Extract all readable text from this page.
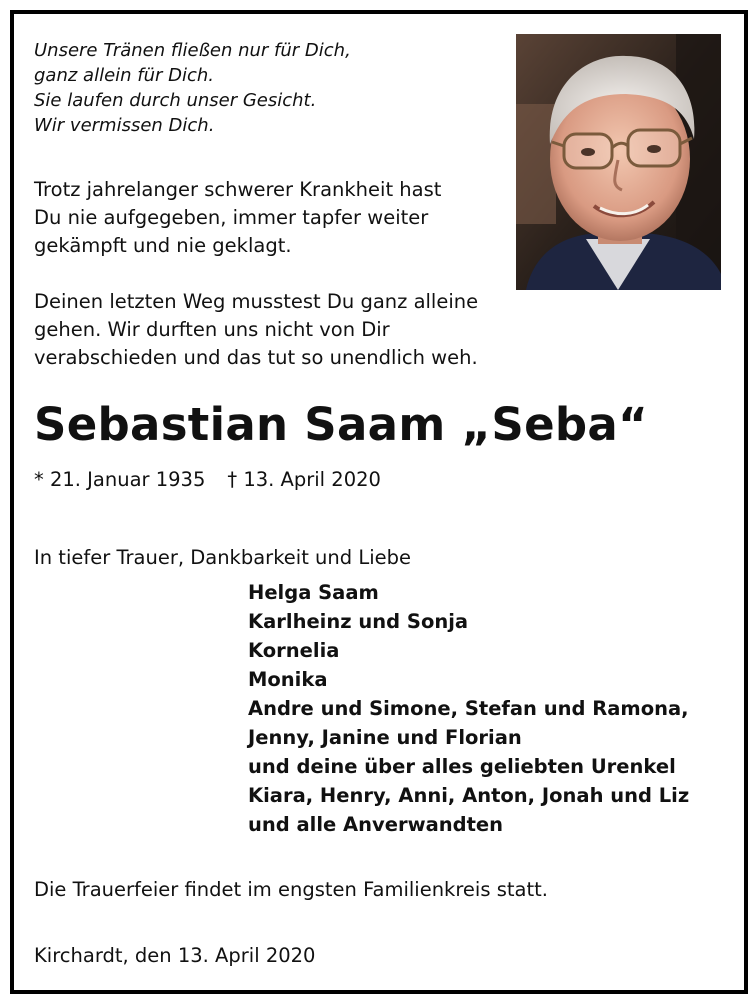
Unsere Tränen fließen nur für Dich,
ganz allein für Dich.
Sie laufen durch unser Gesicht.
Wir vermissen Dich.
Trotz jahrelanger schwerer Krankheit hast
Du nie aufgegeben, immer tapfer weiter
gekämpft und nie geklagt.
Deinen letzten Weg musstest Du ganz alleine
gehen. Wir durften uns nicht von Dir
verabschieden und das tut so unendlich weh.
Sebastian Saam „Seba“
* 21. Januar 1935 † 13. April 2020
In tiefer Trauer, Dankbarkeit und Liebe
Helga Saam
Karlheinz und Sonja
Kornelia
Monika
Andre und Simone, Stefan und Ramona,
Jenny, Janine und Florian
und deine über alles geliebten Urenkel
Kiara, Henry, Anni, Anton, Jonah und Liz
und alle Anverwandten
Die Trauerfeier findet im engsten Familienkreis statt.
Kirchardt, den 13. April 2020
